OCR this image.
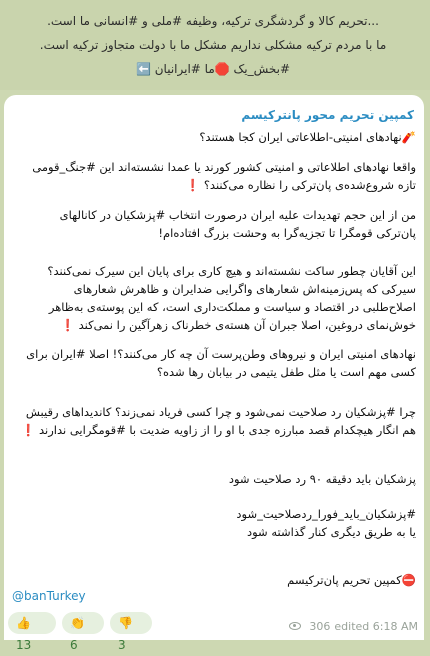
...تحریم کالا و گردشگری ترکیه، وظیفه #ملی و #انسانی ما است.
ما با مردم ترکیه مشکلی نداریم مشکل ما با دولت متجاوز ترکیه است.
#بخش_یک 🛑ما #ایرانیان ⬅️
کمپین تحریم محور پانترکیسم
🧨نهادهای امنیتی-اطلاعاتی ایران کجا هستند؟
واقعا نهادهای اطلاعاتی و امنیتی کشور کورند یا عمدا نشسته‌اند این #جنگ_قومی تازه شروع‌شده‌ی پان‌ترکی را نظاره می‌کنند؟ ❗
من از این حجم تهدیدات علیه ایران درصورت انتخاب #پزشکیان در کانالهای پان‌ترکی قومگرا تا تجزیه‌گرا به وحشت بزرگ افتاده‌ام!
این آقایان چطور ساکت نشسته‌اند و هیچ کاری برای پایان این سیرک نمی‌کنند؟ سیرکی که پس‌زمینه‌اش شعارهای واگرایی ضدایران و ظاهرش شعارهای اصلاح‌طلبی در اقتصاد و سیاست و مملکت‌داری است، که این پوسته‌ی به‌ظاهر خوش‌نمای دروغین، اصلا جبران آن هسته‌ی خطرناک زهرآگین را نمی‌کند ❗
نهادهای امنیتی ایران و نیروهای وطن‌پرست آن چه کار می‌کنند؟! اصلا #ایران برای کسی مهم است یا مثل طفل یتیمی در بیابان رها شده؟
چرا #پزشکیان رد صلاحیت نمی‌شود و چرا کسی فریاد نمی‌زند؟ کاندیداهای رقیبش هم انگار هیچکدام قصد مبارزه جدی با او را از زاویه ضدیت با #قومگرایی ندارند ❗
پزشکیان باید دقیقه ۹۰ رد صلاحیت شود
#پزشکیان_باید_فورا_ردصلاحیت_شود
یا به طریق دیگری کنار گذاشته شود
⛔کمپین تحریم پان‌ترکیسم
@banTurkey
👍13
👏6
👎3
306 edited 6:18 AM
